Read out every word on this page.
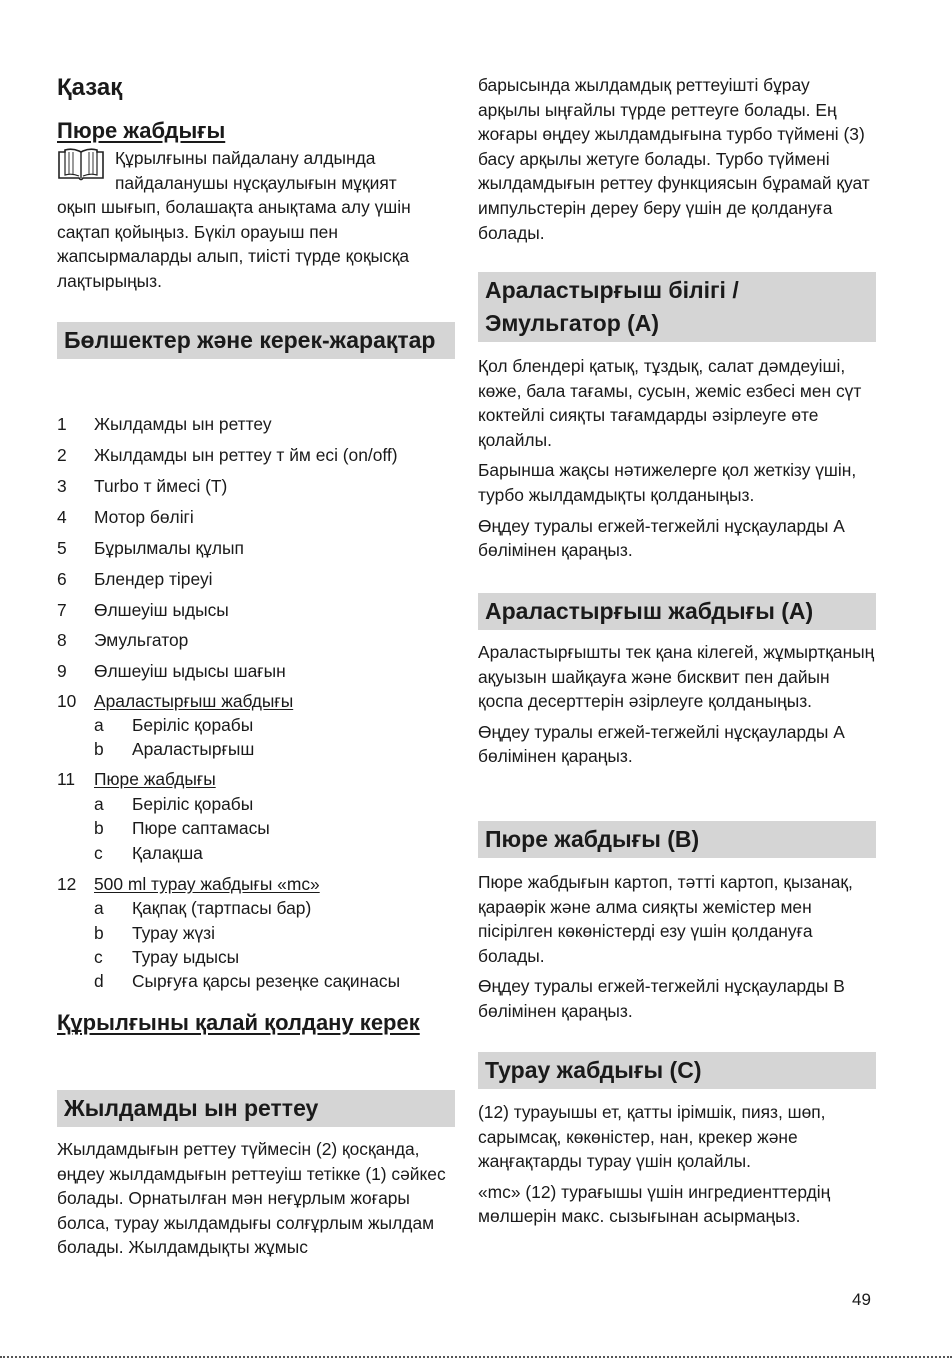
Қазақ
Пюре жабдығы

Құрылғыны пайдалану алдында

пайдаланушы нұсқаулығын мұқият

оқып шығып, болашақта анықтама алу үшін сақтап қойыңыз. Бүкіл орауыш пен жапсырмаларды алып, тиісті түрде қоқысқа лақтырыңыз.

Бөлшектер және керек-жарақтар
1 Жылдамды ын реттеу
2 Жылдамды ын реттеу т йм есі (on/off)
3 Turbo т ймесі (T)
4 Мотор бөлігі
5 Бұрылмалы құлып
6 Блендер тіреуі
7 Өлшеуіш ыдысы
8 Эмульгатор
9 Өлшеуіш ыдысы шағын
10 Араластырғыш жабдығы
a Беріліс қорабы
b Араластырғыш
11 Пюре жабдығы
a Беріліс қорабы
b Пюре саптамасы
c Қалақша
12 500 ml турау жабдығы «mc»
a Қақпақ (тартпасы бар)
b Турау жүзі
c Турау ыдысы
d Сырғуға қарсы резеңке сақинасы
Құрылғыны қалай қолдану керек
Жылдамды ын реттеу

Жылдамдығын реттеу түймесін (2) қосқанда, өңдеу жылдамдығын реттеуіш тетікке (1) сәйкес болады. Орнатылған мән неғұрлым жоғары болса, турау жылдамдығы солғұрлым жылдам болады. Жылдамдықты жұмыс

барысында жылдамдық реттеуішті бұрау арқылы ыңғайлы түрде реттеуге болады. Ең жоғары өңдеу жылдамдығына турбо түймені (3) басу арқылы жетуге болады. Турбо түймені жылдамдығын реттеу функциясын бұрамай қуат импульстерін дереу беру үшін де қолдануға болады.

Араластырғыш білігі / Эмульгатор (A)

Қол блендері қатық, тұздық, салат дәмдеуіші, көже, бала тағамы, сусын, жеміс езбесі мен сүт коктейлі сияқты тағамдарды әзірлеуге өте қолайлы.

Барынша жақсы нәтижелерге қол жеткізу үшін, турбо жылдамдықты қолданыңыз.

Өңдеу туралы егжей-тегжейлі нұсқауларды A бөлімінен қараңыз.

Араластырғыш жабдығы (A)

Араластырғышты тек қана кілегей, жұмыртқаның ақуызын шайқауға және бисквит пен дайын қоспа десерттерін әзірлеуге қолданыңыз.

Өңдеу туралы егжей-тегжейлі нұсқауларды A бөлімінен қараңыз.

Пюре жабдығы (B)

Пюре жабдығын картоп, тәтті картоп, қызанақ, қараөрік және алма сияқты жемістер мен пісірілген көкөністерді езу үшін қолдануға болады.

Өңдеу туралы егжей-тегжейлі нұсқауларды B бөлімінен қараңыз.

Турау жабдығы (C)

(12) турауышы ет, қатты ірімшік, пияз, шөп, сарымсақ, көкөністер, нан, крекер және жаңғақтарды турау үшін қолайлы.

«mc» (12) турағышы үшін ингредиенттердің мөлшерін макс. сызығынан асырмаңыз.

49
